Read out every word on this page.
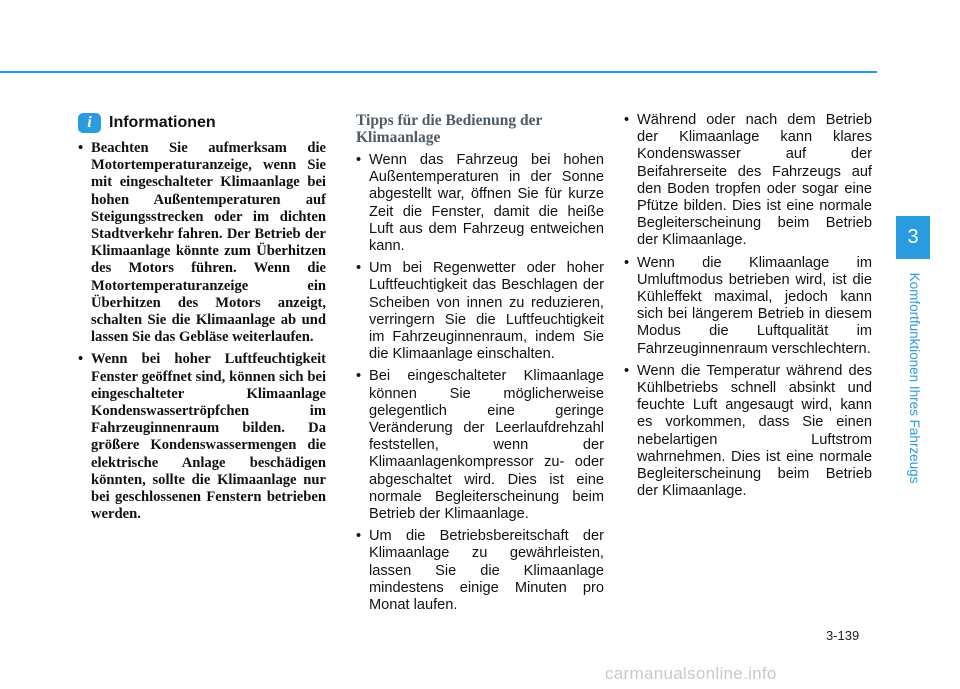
i	Informationen
• Beachten Sie aufmerksam die Motortemperaturanzeige, wenn Sie mit eingeschalteter Klimaanlage bei hohen Außentemperaturen auf Steigungsstrecken oder im dichten Stadtverkehr fahren. Der Betrieb der Klimaanlage könnte zum Überhitzen des Motors führen. Wenn die Motortemperaturanzeige ein Überhitzen des Motors anzeigt, schalten Sie die Klimaanlage ab und lassen Sie das Gebläse weiterlaufen.
• Wenn bei hoher Luftfeuchtigkeit Fenster geöffnet sind, können sich bei eingeschalteter Klimaanlage Kondenswassertröpfchen im Fahrzeuginnenraum bilden. Da größere Kondenswassermengen die elektrische Anlage beschädigen könnten, sollte die Klimaanlage nur bei geschlossenen Fenstern betrieben werden.
Tipps für die Bedienung der Klimaanlage
• Wenn das Fahrzeug bei hohen Außentemperaturen in der Sonne abgestellt war, öffnen Sie für kurze Zeit die Fenster, damit die heiße Luft aus dem Fahrzeug entweichen kann.
• Um bei Regenwetter oder hoher Luftfeuchtigkeit das Beschlagen der Scheiben von innen zu reduzieren, verringern Sie die Luftfeuchtigkeit im Fahrzeuginnenraum, indem Sie die Klimaanlage einschalten.
• Bei eingeschalteter Klimaanlage können Sie möglicherweise gelegentlich eine geringe Veränderung der Leerlaufdrehzahl feststellen, wenn der Klimaanlagenkompressor zu- oder abgeschaltet wird. Dies ist eine normale Begleiterscheinung beim Betrieb der Klimaanlage.
• Um die Betriebsbereitschaft der Klimaanlage zu gewährleisten, lassen Sie die Klimaanlage mindestens einige Minuten pro Monat laufen.
• Während oder nach dem Betrieb der Klimaanlage kann klares Kondenswasser auf der Beifahrerseite des Fahrzeugs auf den Boden tropfen oder sogar eine Pfütze bilden. Dies ist eine normale Begleiterscheinung beim Betrieb der Klimaanlage.
• Wenn die Klimaanlage im Umluftmodus betrieben wird, ist die Kühleffekt maximal, jedoch kann sich bei längerem Betrieb in diesem Modus die Luftqualität im Fahrzeuginnenraum verschlechtern.
• Wenn die Temperatur während des Kühlbetriebs schnell absinkt und feuchte Luft angesaugt wird, kann es vorkommen, dass Sie einen nebelartigen Luftstrom wahrnehmen. Dies ist eine normale Begleiterscheinung beim Betrieb der Klimaanlage.
3
Komfortfunktionen Ihres Fahrzeugs
3-139
carmanualsonline.info
